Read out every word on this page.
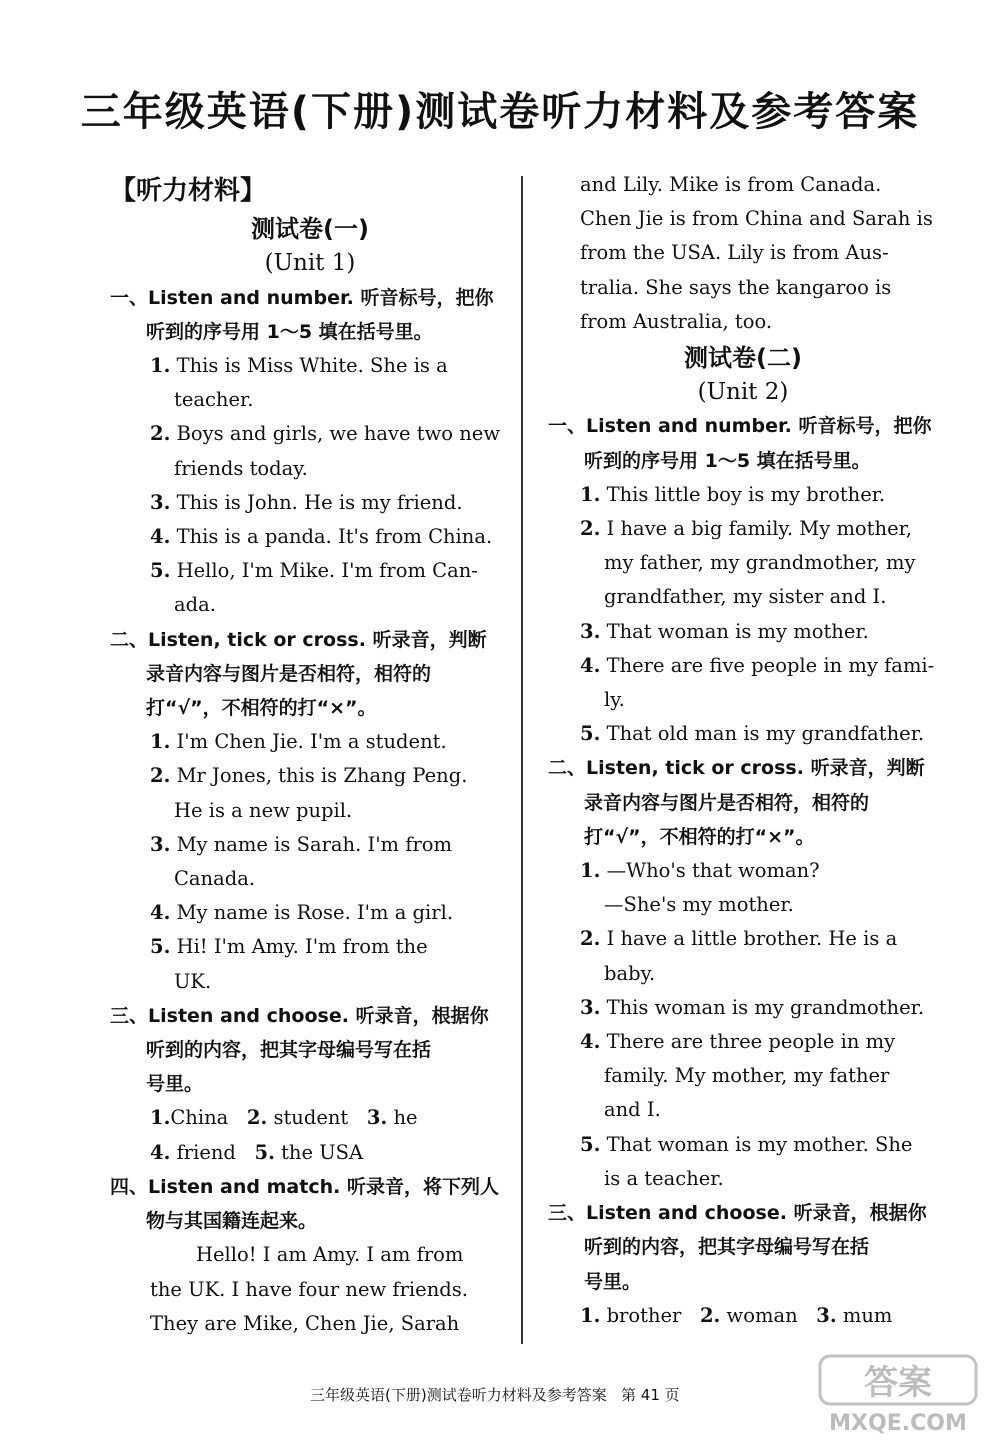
三年级英语(下册)测试卷听力材料及参考答案
【听力材料】
测试卷(一)
(Unit 1)
一、Listen and number. 听音标号，把你
听到的序号用 1～5 填在括号里。
1. This is Miss White. She is a
teacher.
2. Boys and girls, we have two new
friends today.
3. This is John. He is my friend.
4. This is a panda. It's from China.
5. Hello, I'm Mike. I'm from Can-
ada.
二、Listen, tick or cross. 听录音，判断
录音内容与图片是否相符，相符的
打“√”，不相符的打“×”。
1. I'm Chen Jie. I'm a student.
2. Mr Jones, this is Zhang Peng.
He is a new pupil.
3. My name is Sarah. I'm from
Canada.
4. My name is Rose. I'm a girl.
5. Hi! I'm Amy. I'm from the
UK.
三、Listen and choose. 听录音，根据你
听到的内容，把其字母编号写在括
号里。
1.China 2. student 3. he
4. friend 5. the USA
四、Listen and match. 听录音，将下列人
物与其国籍连起来。
Hello! I am Amy. I am from
the UK. I have four new friends.
They are Mike, Chen Jie, Sarah
and Lily. Mike is from Canada.
Chen Jie is from China and Sarah is
from the USA. Lily is from Aus-
tralia. She says the kangaroo is
from Australia, too.
测试卷(二)
(Unit 2)
一、Listen and number. 听音标号，把你
听到的序号用 1～5 填在括号里。
1. This little boy is my brother.
2. I have a big family. My mother,
my father, my grandmother, my
grandfather, my sister and I.
3. That woman is my mother.
4. There are five people in my fami-
ly.
5. That old man is my grandfather.
二、Listen, tick or cross. 听录音，判断
录音内容与图片是否相符，相符的
打“√”，不相符的打“×”。
1. —Who's that woman?
—She's my mother.
2. I have a little brother. He is a
baby.
3. This woman is my grandmother.
4. There are three people in my
family. My mother, my father
and I.
5. That woman is my mother. She
is a teacher.
三、Listen and choose. 听录音，根据你
听到的内容，把其字母编号写在括
号里。
1. brother 2. woman 3. mum
三年级英语(下册)测试卷听力材料及参考答案 第 41 页	答案
MXQE.COM
